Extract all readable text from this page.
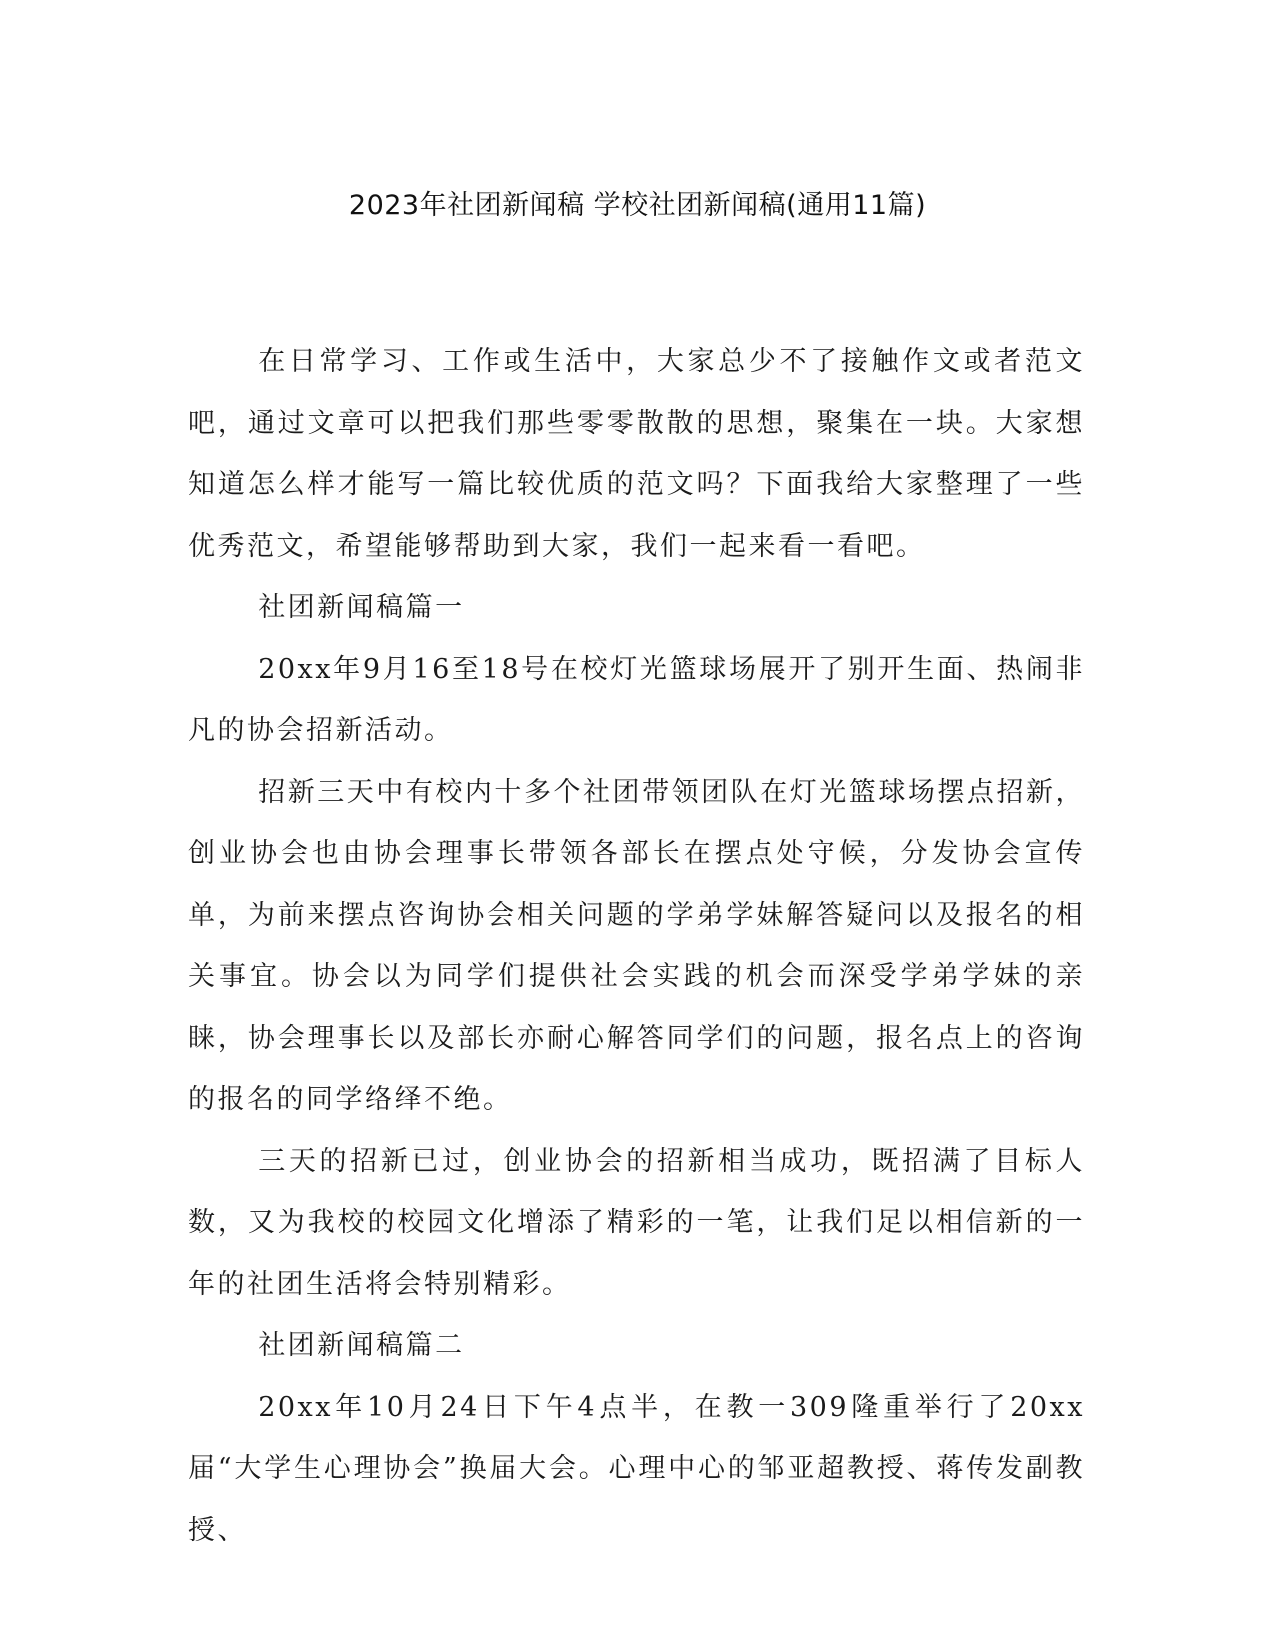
2023年社团新闻稿 学校社团新闻稿(通用11篇)

在日常学习、工作或生活中，大家总少不了接触作文或者范文吧，通过文章可以把我们那些零零散散的思想，聚集在一块。大家想知道怎么样才能写一篇比较优质的范文吗？下面我给大家整理了一些优秀范文，希望能够帮助到大家，我们一起来看一看吧。

社团新闻稿篇一

20xx年9月16至18号在校灯光篮球场展开了别开生面、热闹非凡的协会招新活动。

招新三天中有校内十多个社团带领团队在灯光篮球场摆点招新，创业协会也由协会理事长带领各部长在摆点处守候，分发协会宣传单，为前来摆点咨询协会相关问题的学弟学妹解答疑问以及报名的相关事宜。协会以为同学们提供社会实践的机会而深受学弟学妹的亲睐，协会理事长以及部长亦耐心解答同学们的问题，报名点上的咨询的报名的同学络绎不绝。

三天的招新已过，创业协会的招新相当成功，既招满了目标人数，又为我校的校园文化增添了精彩的一笔，让我们足以相信新的一年的社团生活将会特别精彩。

社团新闻稿篇二

20xx年10月24日下午4点半，在教一309隆重举行了20xx届“大学生心理协会”换届大会。心理中心的邹亚超教授、蒋传发副教授、
